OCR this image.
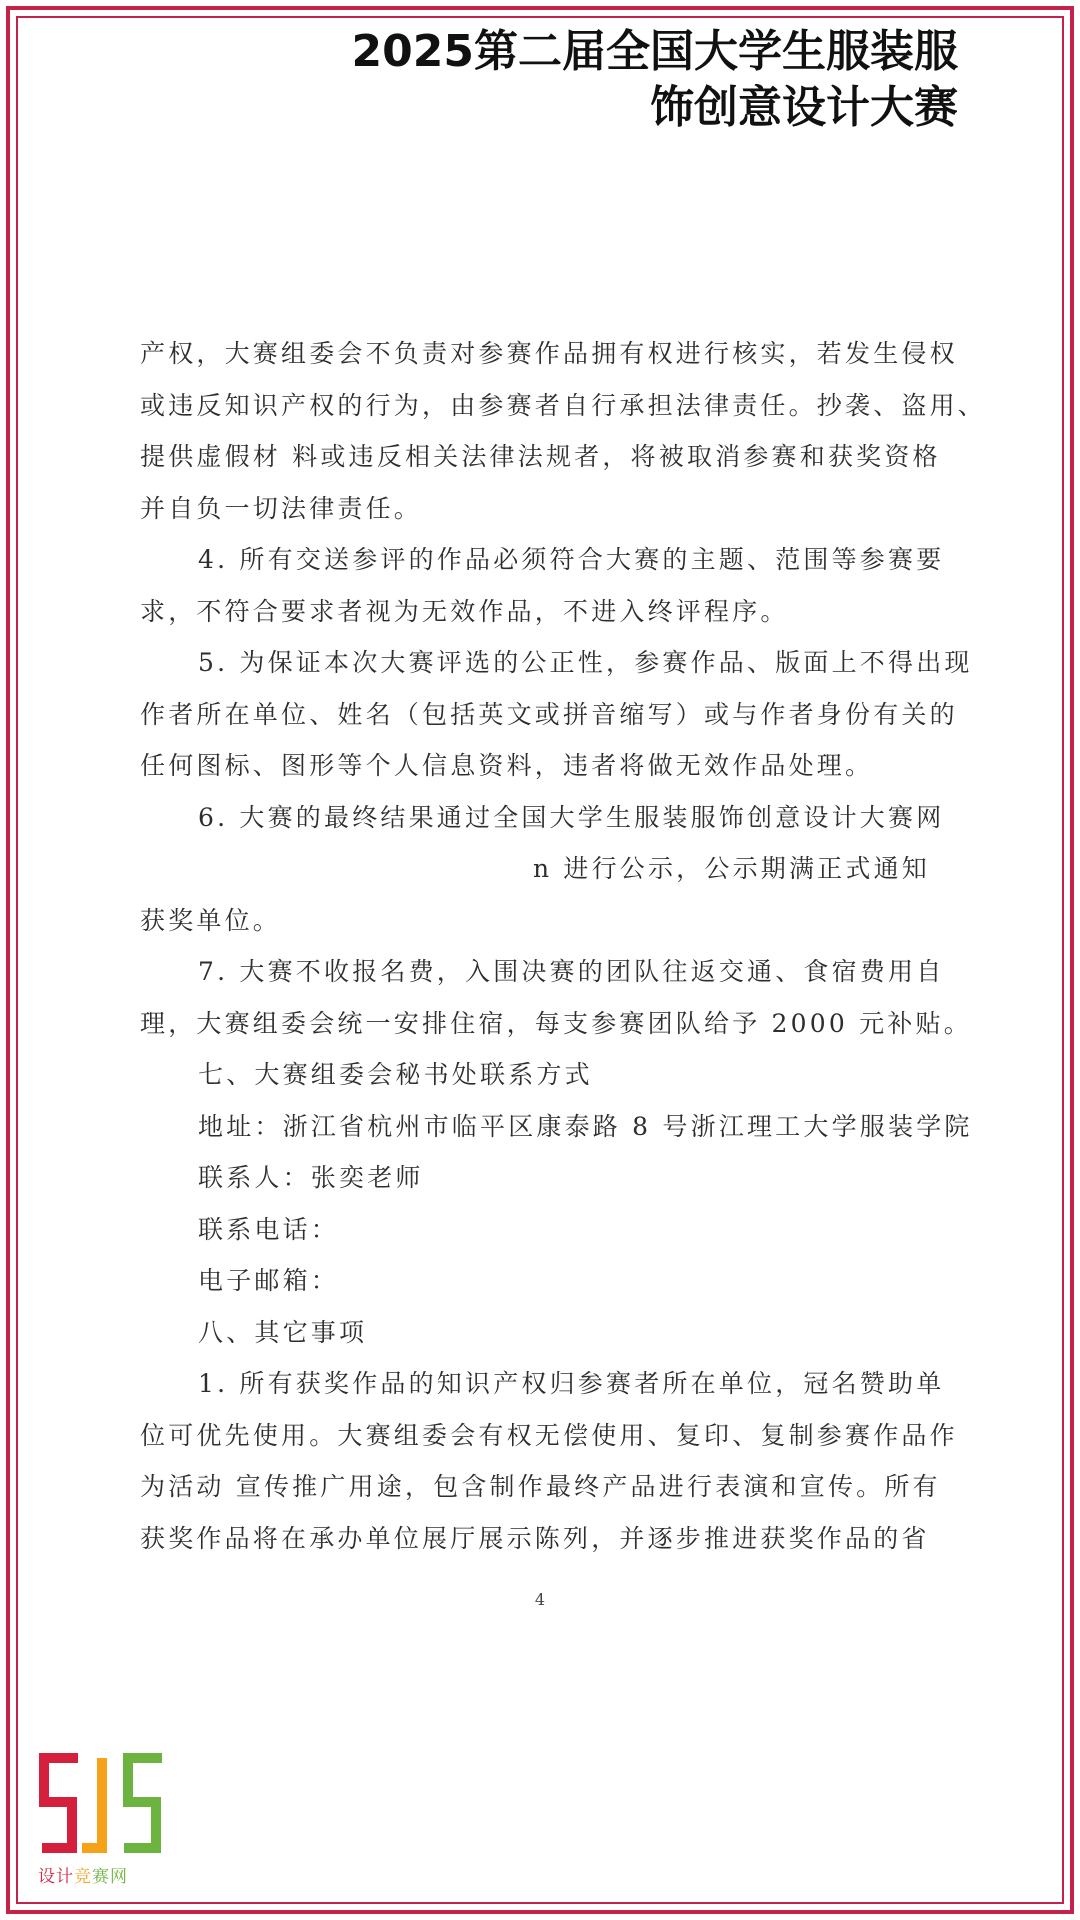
2025第二届全国大学生服装服
饰创意设计大赛
产权，大赛组委会不负责对参赛作品拥有权进行核实，若发生侵权
或违反知识产权的行为，由参赛者自行承担法律责任。抄袭、盗用、
提供虚假材 料或违反相关法律法规者，将被取消参赛和获奖资格
并自负一切法律责任。
4. 所有交送参评的作品必须符合大赛的主题、范围等参赛要
求，不符合要求者视为无效作品，不进入终评程序。
5. 为保证本次大赛评选的公正性，参赛作品、版面上不得出现
作者所在单位、姓名（包括英文或拼音缩写）或与作者身份有关的
任何图标、图形等个人信息资料，违者将做无效作品处理。
6. 大赛的最终结果通过全国大学生服装服饰创意设计大赛网
n 进行公示，公示期满正式通知
获奖单位。
7. 大赛不收报名费，入围决赛的团队往返交通、食宿费用自
理，大赛组委会统一安排住宿，每支参赛团队给予 2000 元补贴。
七、大赛组委会秘书处联系方式
地址：浙江省杭州市临平区康泰路 8 号浙江理工大学服装学院
联系人：张奕老师
联系电话：
电子邮箱：
八、其它事项
1. 所有获奖作品的知识产权归参赛者所在单位，冠名赞助单
位可优先使用。大赛组委会有权无偿使用、复印、复制参赛作品作
为活动 宣传推广用途，包含制作最终产品进行表演和宣传。所有
获奖作品将在承办单位展厅展示陈列，并逐步推进获奖作品的省
4
设计竞赛网
